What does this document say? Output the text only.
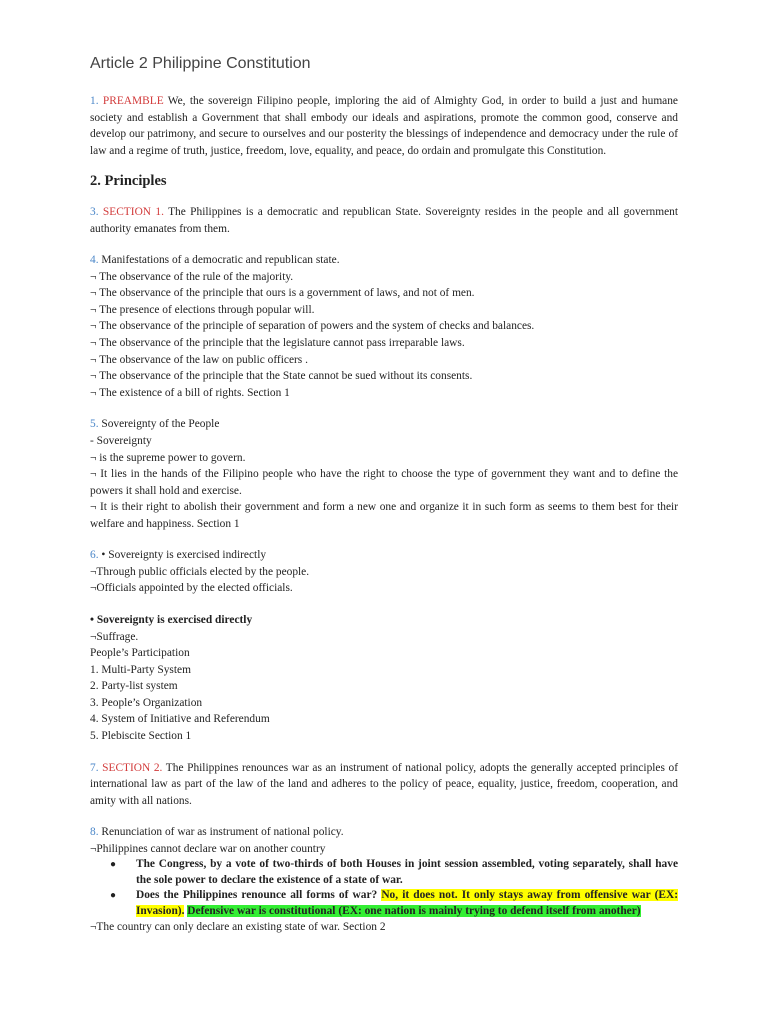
Article 2 Philippine Constitution

1. PREAMBLE We, the sovereign Filipino people, imploring the aid of Almighty God, in order to build a just and humane society and establish a Government that shall embody our ideals and aspirations, promote the common good, conserve and develop our patrimony, and secure to ourselves and our posterity the blessings of independence and democracy under the rule of law and a regime of truth, justice, freedom, love, equality, and peace, do ordain and promulgate this Constitution.

2. Principles

3. SECTION 1. The Philippines is a democratic and republican State. Sovereignty resides in the people and all government authority emanates from them.

4. Manifestations of a democratic and republican state.

¬ The observance of the rule of the majority.

¬ The observance of the principle that ours is a government of laws, and not of men.

¬ The presence of elections through popular will.

¬ The observance of the principle of separation of powers and the system of checks and balances.

¬ The observance of the principle that the legislature cannot pass irreparable laws.

¬ The observance of the law on public officers .

¬ The observance of the principle that the State cannot be sued without its consents.

¬ The existence of a bill of rights. Section 1

5. Sovereignty of the People

- Sovereignty

¬ is the supreme power to govern.

¬ It lies in the hands of the Filipino people who have the right to choose the type of government they want and to define the powers it shall hold and exercise.

¬ It is their right to abolish their government and form a new one and organize it in such form as seems to them best for their welfare and happiness. Section 1

6. • Sovereignty is exercised indirectly

¬Through public officials elected by the people.

¬Officials appointed by the elected officials.

• Sovereignty is exercised directly

¬Suffrage.

People’s Participation

1. Multi-Party System

2. Party-list system

3. People’s Organization

4. System of Initiative and Referendum

5. Plebiscite Section 1

7. SECTION 2. The Philippines renounces war as an instrument of national policy, adopts the generally accepted principles of international law as part of the law of the land and adheres to the policy of peace, equality, justice, freedom, cooperation, and amity with all nations.

8. Renunciation of war as instrument of national policy.

¬Philippines cannot declare war on another country

● The Congress, by a vote of two-thirds of both Houses in joint session assembled, voting separately, shall have the sole power to declare the existence of a state of war.
● Does the Philippines renounce all forms of war? No, it does not. It only stays away from offensive war (EX: Invasion). Defensive war is constitutional (EX: one nation is mainly trying to defend itself from another)

¬The country can only declare an existing state of war. Section 2
